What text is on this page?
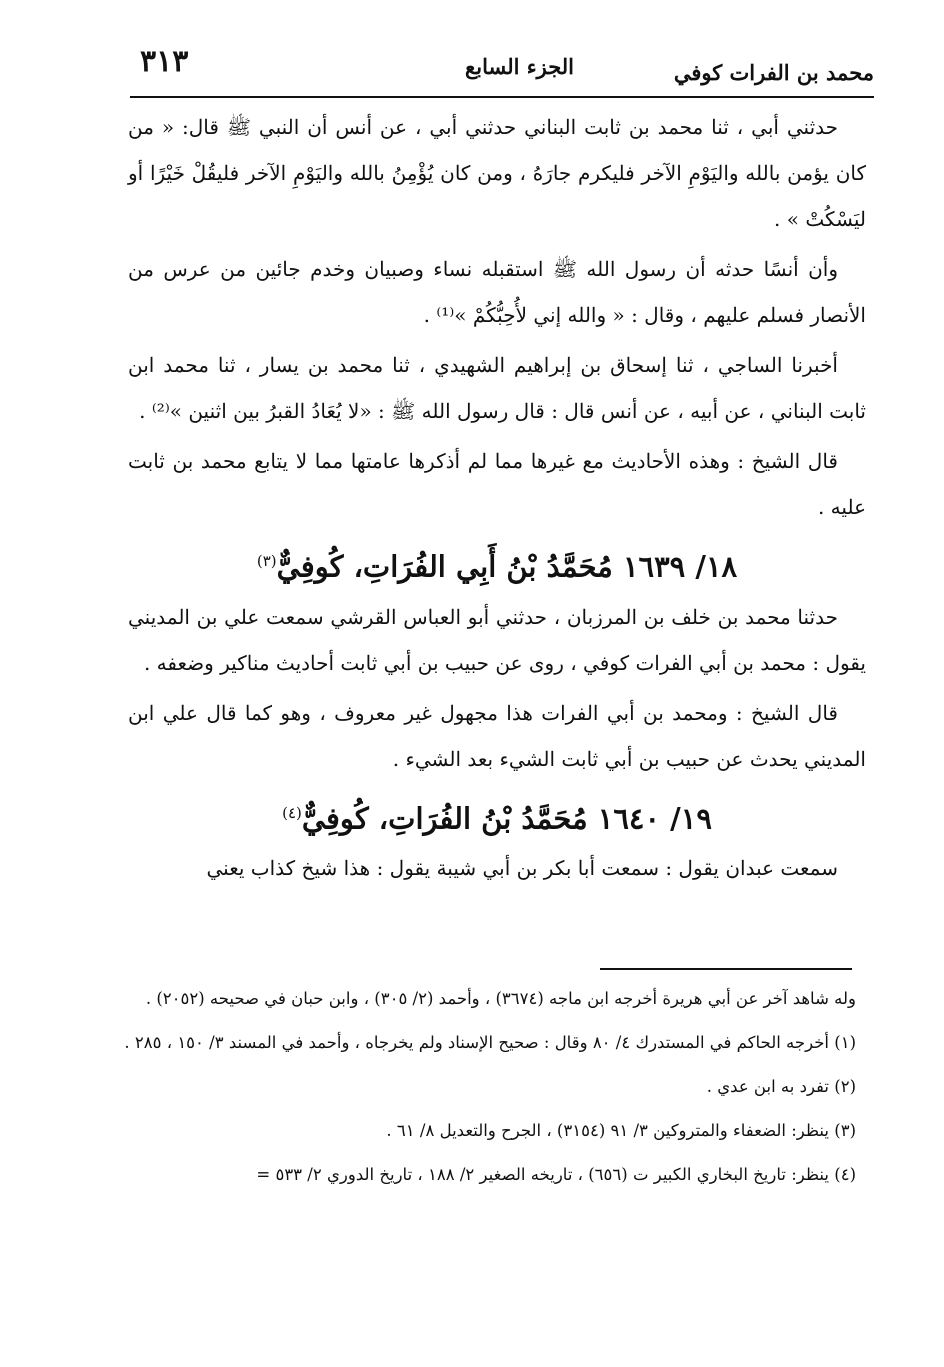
محمد بن الفرات كوفي
الجزء السابع
٣١٣

حدثني أبي ، ثنا محمد بن ثابت البناني حدثني أبي ، عن أنس أن النبي ﷺ قال: « من كان يؤمن بالله واليَوْمِ الآخر فليكرم جارَهُ ، ومن كان يُؤْمِنُ بالله واليَوْمِ الآخر فليقُلْ خَيْرًا أو ليَسْكُتْ » .

وأن أنسًا حدثه أن رسول الله ﷺ استقبله نساء وصبيان وخدم جائين من عرس من الأنصار فسلم عليهم ، وقال : « والله إني لأُحِبُّكُمْ »⁽¹⁾ .

أخبرنا الساجي ، ثنا إسحاق بن إبراهيم الشهيدي ، ثنا محمد بن يسار ، ثنا محمد ابن ثابت البناني ، عن أبيه ، عن أنس قال : قال رسول الله ﷺ : «لا يُعَادُ القبرُ بين اثنين »⁽²⁾ .

قال الشيخ : وهذه الأحاديث مع غيرها مما لم أذكرها عامتها مما لا يتابع محمد بن ثابت عليه .

١٨/ ١٦٣٩ مُحَمَّدُ بْنُ أَبِي الفُرَاتِ، كُوفِيٌّ$^{(٣)}$

حدثنا محمد بن خلف بن المرزبان ، حدثني أبو العباس القرشي سمعت علي بن المديني يقول : محمد بن أبي الفرات كوفي ، روى عن حبيب بن أبي ثابت أحاديث مناكير وضعفه .

قال الشيخ : ومحمد بن أبي الفرات هذا مجهول غير معروف ، وهو كما قال علي ابن المديني يحدث عن حبيب بن أبي ثابت الشيء بعد الشيء .

١٩/ ١٦٤٠ مُحَمَّدُ بْنُ الفُرَاتِ، كُوفِيٌّ$^{(٤)}$

سمعت عبدان يقول : سمعت أبا بكر بن أبي شيبة يقول : هذا شيخ كذاب يعني

وله شاهد آخر عن أبي هريرة أخرجه ابن ماجه (٣٦٧٤) ، وأحمد (٢/ ٣٠٥) ، وابن حبان في صحيحه (٢٠٥٢) .

(١) أخرجه الحاكم في المستدرك ٤/ ٨٠ وقال : صحيح الإسناد ولم يخرجاه ، وأحمد في المسند ٣/ ١٥٠ ، ٢٨٥ .

(٢) تفرد به ابن عدي .

(٣) ينظر: الضعفاء والمتروكين ٣/ ٩١ (٣١٥٤) ، الجرح والتعديل ٨/ ٦١ .

(٤) ينظر: تاريخ البخاري الكبير ت (٦٥٦) ، تاريخه الصغير ٢/ ١٨٨ ، تاريخ الدوري ٢/ ٥٣٣ =
